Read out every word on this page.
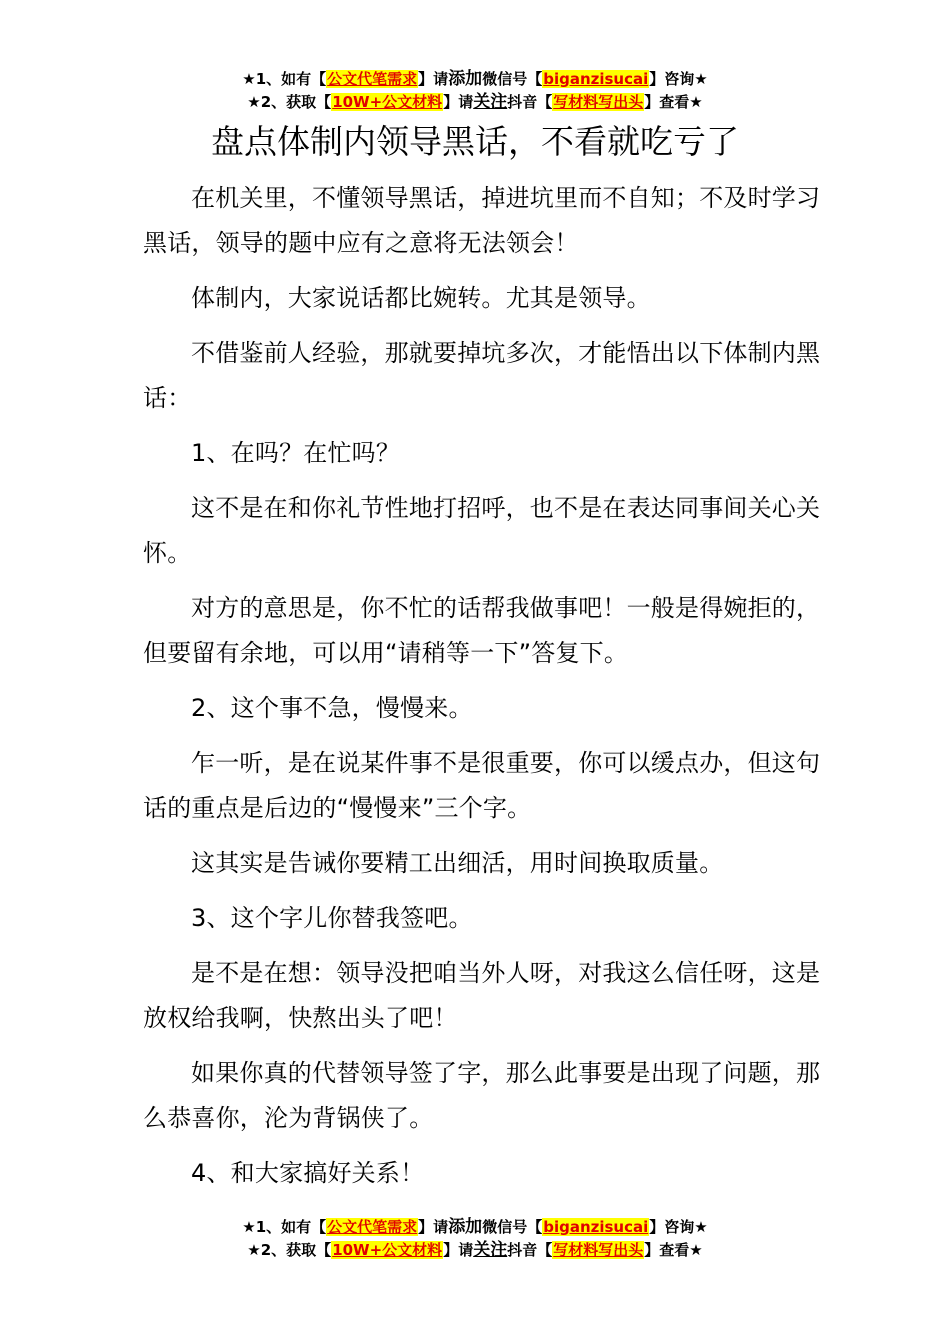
★1、如有【公文代笔需求】请添加微信号【biganzisucai】咨询★
★2、获取【10W+公文材料】请关注抖音【写材料写出头】查看★
盘点体制内领导黑话，不看就吃亏了

在机关里，不懂领导黑话，掉进坑里而不自知；不及时学习黑话，领导的题中应有之意将无法领会！

体制内，大家说话都比婉转。尤其是领导。

不借鉴前人经验，那就要掉坑多次，才能悟出以下体制内黑话：

1、在吗？在忙吗？

这不是在和你礼节性地打招呼，也不是在表达同事间关心关怀。

对方的意思是，你不忙的话帮我做事吧！一般是得婉拒的，但要留有余地，可以用“请稍等一下”答复下。

2、这个事不急，慢慢来。

乍一听，是在说某件事不是很重要，你可以缓点办，但这句话的重点是后边的“慢慢来”三个字。

这其实是告诫你要精工出细活，用时间换取质量。

3、这个字儿你替我签吧。

是不是在想：领导没把咱当外人呀，对我这么信任呀，这是放权给我啊，快熬出头了吧！

如果你真的代替领导签了字，那么此事要是出现了问题，那么恭喜你，沦为背锅侠了。

4、和大家搞好关系！

★1、如有【公文代笔需求】请添加微信号【biganzisucai】咨询★
★2、获取【10W+公文材料】请关注抖音【写材料写出头】查看★
